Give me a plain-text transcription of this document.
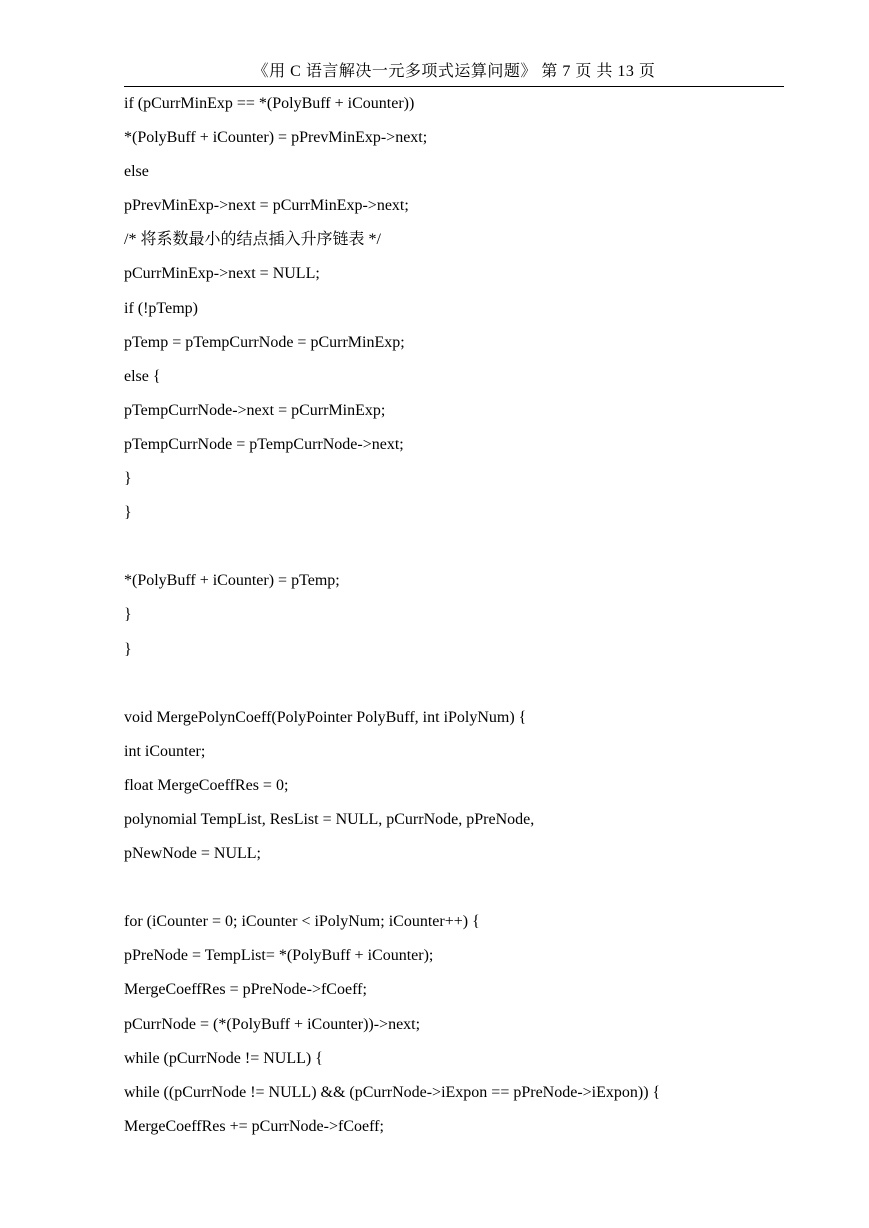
《用 C 语言解决一元多项式运算问题》 第 7 页 共 13 页
if (pCurrMinExp == *(PolyBuff + iCounter))
*(PolyBuff + iCounter) = pPrevMinExp->next;
else
pPrevMinExp->next = pCurrMinExp->next;
/* 将系数最小的结点插入升序链表 */
pCurrMinExp->next = NULL;
if (!pTemp)
pTemp = pTempCurrNode = pCurrMinExp;
else {
pTempCurrNode->next = pCurrMinExp;
pTempCurrNode = pTempCurrNode->next;
}
}
*(PolyBuff + iCounter) = pTemp;
}
}
void MergePolynCoeff(PolyPointer PolyBuff, int iPolyNum) {
int iCounter;
float MergeCoeffRes = 0;
polynomial TempList, ResList = NULL, pCurrNode, pPreNode,
pNewNode = NULL;
for (iCounter = 0; iCounter < iPolyNum; iCounter++) {
pPreNode = TempList= *(PolyBuff + iCounter);
MergeCoeffRes = pPreNode->fCoeff;
pCurrNode = (*(PolyBuff + iCounter))->next;
while (pCurrNode != NULL) {
while ((pCurrNode != NULL) && (pCurrNode->iExpon == pPreNode->iExpon)) {
MergeCoeffRes += pCurrNode->fCoeff;
